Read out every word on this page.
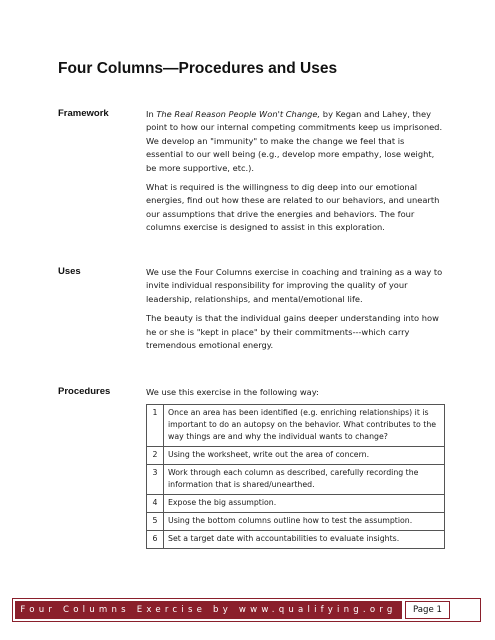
Four Columns—Procedures and Uses
Framework	In The Real Reason People Won't Change, by Kegan and Lahey, they point to how our internal competing commitments keep us imprisoned. We develop an "immunity" to make the change we feel that is essential to our well being (e.g., develop more empathy, lose weight, be more supportive, etc.).

What is required is the willingness to dig deep into our emotional energies, find out how these are related to our behaviors, and unearth our assumptions that drive the energies and behaviors. The four columns exercise is designed to assist in this exploration.

Uses	We use the Four Columns exercise in coaching and training as a way to invite individual responsibility for improving the quality of your leadership, relationships, and mental/emotional life.

The beauty is that the individual gains deeper understanding into how he or she is "kept in place" by their commitments---which carry tremendous emotional energy.

Procedures	We use this exercise in the following way:
1	Once an area has been identified (e.g. enriching relationships) it is important to do an autopsy on the behavior. What contributes to the way things are and why the individual wants to change?
2	Using the worksheet, write out the area of concern.
3	Work through each column as described, carefully recording the information that is shared/unearthed.
4	Expose the big assumption.
5	Using the bottom columns outline how to test the assumption.
6	Set a target date with accountabilities to evaluate insights.
Four Columns Exercise by www.qualifying.org	Page 1
